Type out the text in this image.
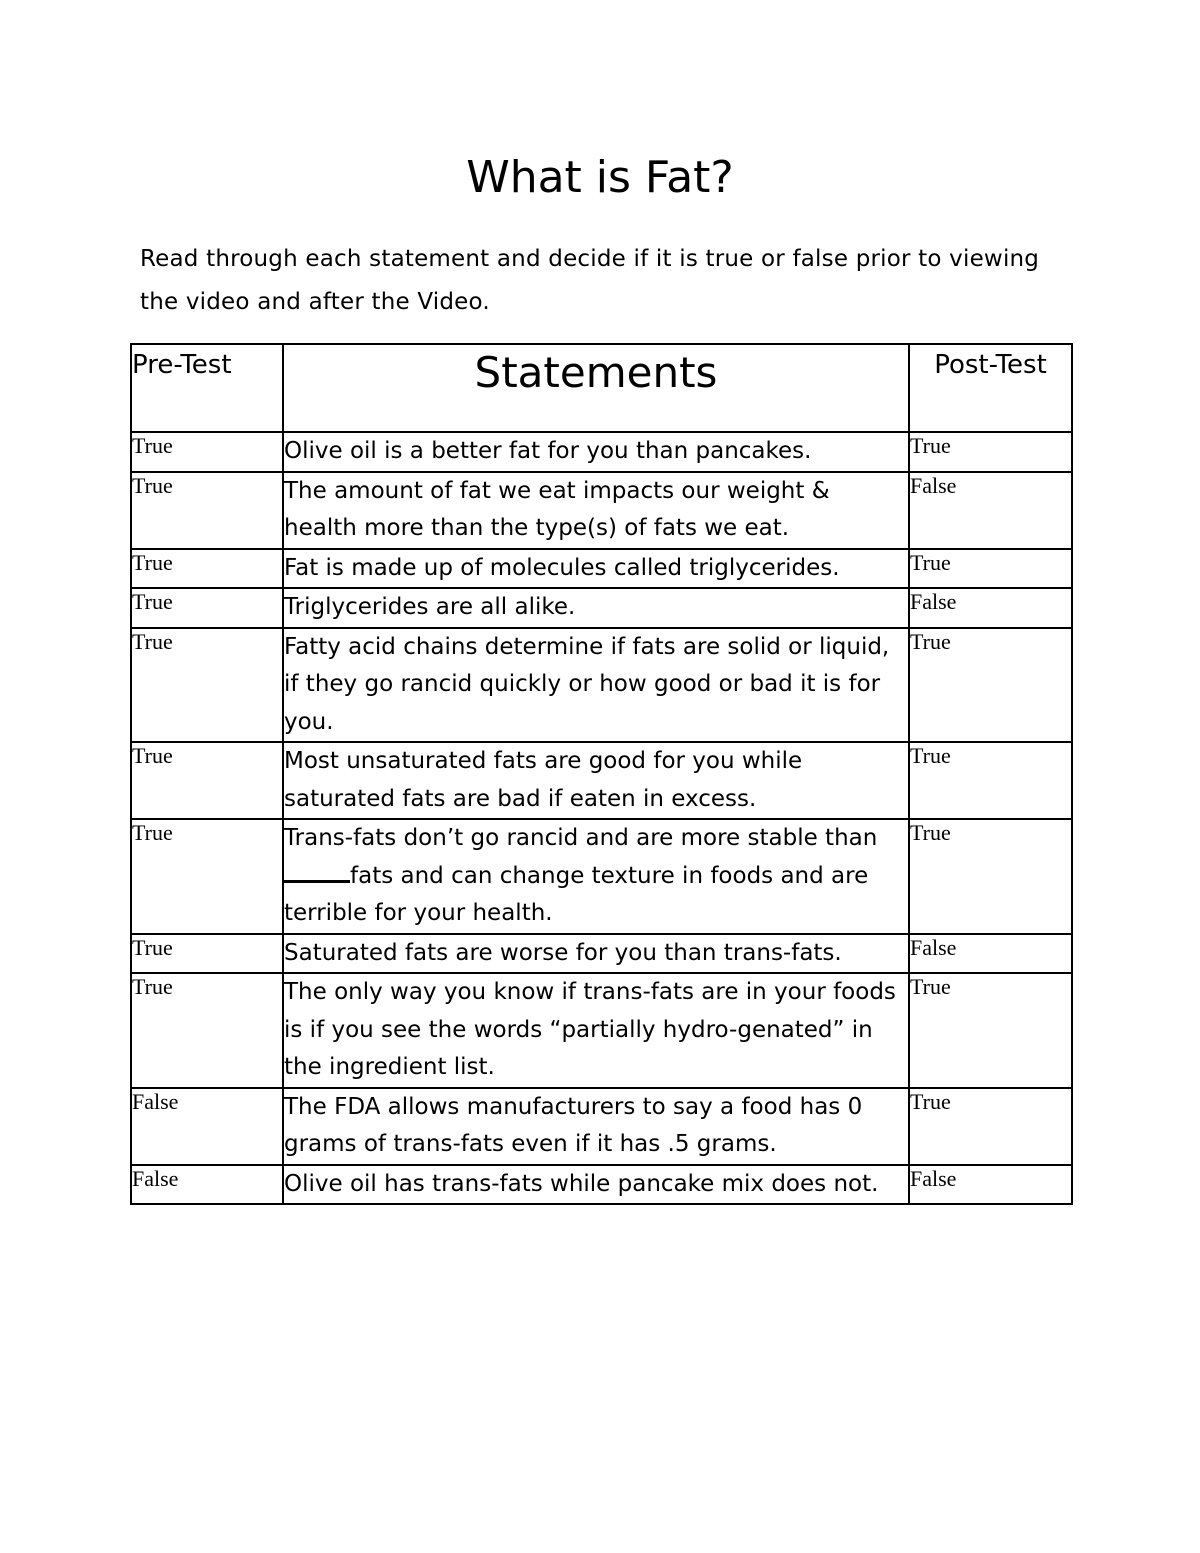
What is Fat?
Read through each statement and decide if it is true or false prior to viewing the video and after the Video.
Pre-Test	Statements	Post-Test
True	Olive oil is a better fat for you than pancakes.	True
True	The amount of fat we eat impacts our weight & health more than the type(s) of fats we eat.	False
True	Fat is made up of molecules called triglycerides.	True
True	Triglycerides are all alike.	False
True	Fatty acid chains determine if fats are solid or liquid, if they go rancid quickly or how good or bad it is for you.	True
True	Most unsaturated fats are good for you while saturated fats are bad if eaten in excess.	True
True	Trans-fats don’t go rancid and are more stable thanfats and can change texture in foods and are terrible for your health.	True
True	Saturated fats are worse for you than trans-fats.	False
True	The only way you know if trans-fats are in your foods is if you see the words “partially hydro-genated” in the ingredient list.	True
False	The FDA allows manufacturers to say a food has 0 grams of trans-fats even if it has .5 grams.	True
False	Olive oil has trans-fats while pancake mix does not.	False
